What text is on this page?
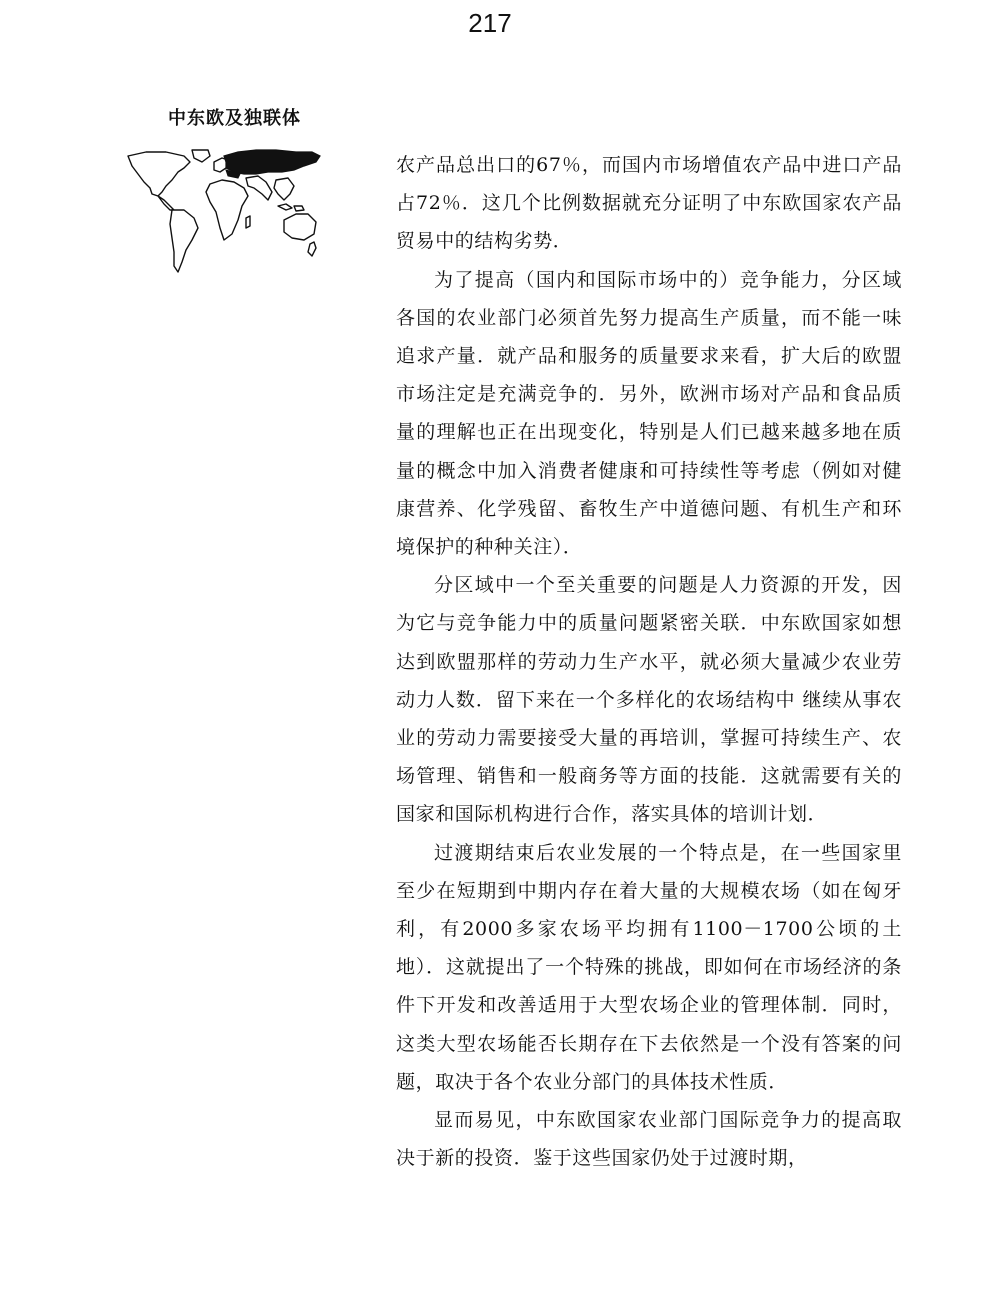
217
中东欧及独联体

农产品总出口的67％，而国内市场增值农产品中进口产品占72％．这几个比例数据就充分证明了中东欧国家农产品贸易中的结构劣势．

为了提高（国内和国际市场中的）竞争能力，分区域各国的农业部门必须首先努力提高生产质量，而不能一味追求产量．就产品和服务的质量要求来看，扩大后的欧盟市场注定是充满竞争的．另外，欧洲市场对产品和食品质量的理解也正在出现变化，特别是人们已越来越多地在质量的概念中加入消费者健康和可持续性等考虑（例如对健康营养、化学残留、畜牧生产中道德问题、有机生产和环境保护的种种关注）．

分区域中一个至关重要的问题是人力资源的开发，因为它与竞争能力中的质量问题紧密关联．中东欧国家如想达到欧盟那样的劳动力生产水平，就必须大量减少农业劳动力人数．留下来在一个多样化的农场结构中 继续从事农业的劳动力需要接受大量的再培训，掌握可持续生产、农场管理、销售和一般商务等方面的技能．这就需要有关的国家和国际机构进行合作，落实具体的培训计划．

过渡期结束后农业发展的一个特点是，在一些国家里至少在短期到中期内存在着大量的大规模农场（如在匈牙利，有2000多家农场平均拥有1100－1700公顷的土地）．这就提出了一个特殊的挑战，即如何在市场经济的条件下开发和改善适用于大型农场企业的管理体制．同时，这类大型农场能否长期存在下去依然是一个没有答案的问题，取决于各个农业分部门的具体技术性质．

显而易见，中东欧国家农业部门国际竞争力的提高取决于新的投资．鉴于这些国家仍处于过渡时期，
